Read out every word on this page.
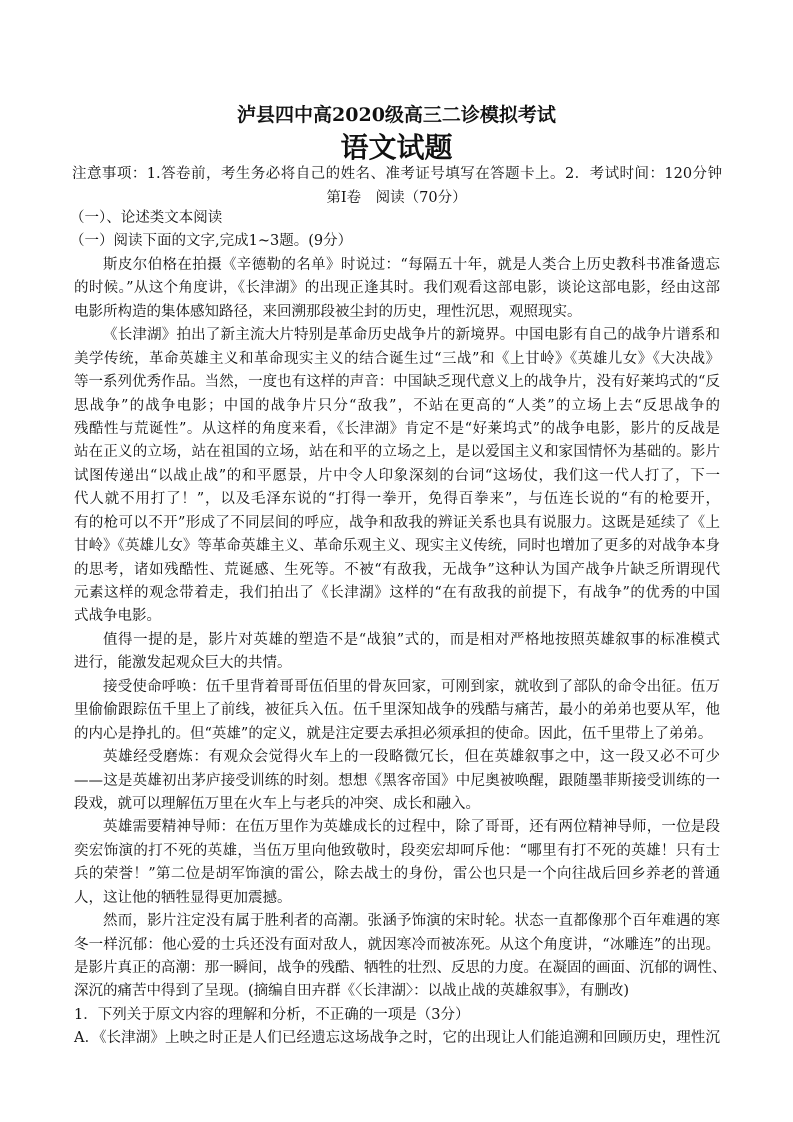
泸县四中高2020级高三二诊模拟考试
语文试题
注意事项：1.答卷前，考生务必将自己的姓名、准考证号填写在答题卡上。2．考试时间：120分钟
第I卷　阅读（70分）
（一）、论述类文本阅读
（一）阅读下面的文字,完成1~3题。(9分）
斯皮尔伯格在拍摄《辛德勒的名单》时说过：“每隔五十年，就是人类合上历史教科书准备遗忘
的时候。”从这个角度讲，《长津湖》的出现正逢其时。我们观看这部电影，谈论这部电影，经由这部
电影所构造的集体感知路径，来回溯那段被尘封的历史，理性沉思，观照现实。
《长津湖》拍出了新主流大片特别是革命历史战争片的新境界。中国电影有自己的战争片谱系和
美学传统，革命英雄主义和革命现实主义的结合诞生过“三战”和《上甘岭》《英雄儿女》《大决战》
等一系列优秀作品。当然，一度也有这样的声音：中国缺乏现代意义上的战争片，没有好莱坞式的“反
思战争”的战争电影；中国的战争片只分“敌我”，不站在更高的“人类”的立场上去“反思战争的
残酷性与荒诞性”。从这样的角度来看，《长津湖》肯定不是“好莱坞式”的战争电影，影片的反战是
站在正义的立场，站在祖国的立场，站在和平的立场之上，是以爱国主义和家国情怀为基础的。影片
试图传递出“以战止战”的和平愿景，片中令人印象深刻的台词“这场仗，我们这一代人打了，下一
代人就不用打了！”，以及毛泽东说的“打得一拳开，免得百拳来”，与伍连长说的“有的枪要开，
有的枪可以不开”形成了不同层间的呼应，战争和敌我的辨证关系也具有说服力。这既是延续了《上
甘岭》《英雄儿女》等革命英雄主义、革命乐观主义、现实主义传统，同时也增加了更多的对战争本身
的思考，诸如残酷性、荒诞感、生死等。不被“有敌我，无战争”这种认为国产战争片缺乏所谓现代
元素这样的观念带着走，我们拍出了《长津湖》这样的“在有敌我的前提下，有战争”的优秀的中国
式战争电影。
值得一提的是，影片对英雄的塑造不是“战狼”式的，而是相对严格地按照英雄叙事的标准模式
进行，能激发起观众巨大的共情。
接受使命呼唤：伍千里背着哥哥伍佰里的骨灰回家，可刚到家，就收到了部队的命令出征。伍万
里偷偷跟踪伍千里上了前线，被征兵入伍。伍千里深知战争的残酷与痛苦，最小的弟弟也要从军，他
的内心是挣扎的。但“英雄”的定义，就是注定要去承担必须承担的使命。因此，伍千里带上了弟弟。
英雄经受磨炼：有观众会觉得火车上的一段略微冗长，但在英雄叙事之中，这一段又必不可少
——这是英雄初出茅庐接受训练的时刻。想想《黑客帝国》中尼奥被唤醒，跟随墨菲斯接受训练的一
段戏，就可以理解伍万里在火车上与老兵的冲突、成长和融入。
英雄需要精神导师：在伍万里作为英雄成长的过程中，除了哥哥，还有两位精神导师，一位是段
奕宏饰演的打不死的英雄，当伍万里向他致敬时，段奕宏却呵斥他：“哪里有打不死的英雄！只有士
兵的荣誉！”第二位是胡军饰演的雷公，除去战士的身份，雷公也只是一个向往战后回乡养老的普通
人，这让他的牺牲显得更加震撼。
然而，影片注定没有属于胜利者的高潮。张涵予饰演的宋时轮。状态一直都像那个百年难遇的寒
冬一样沉郁：他心爱的士兵还没有面对敌人，就因寒冷而被冻死。从这个角度讲，“冰雕连”的出现。
是影片真正的高潮：那一瞬间，战争的残酷、牺牲的壮烈、反思的力度。在凝固的画面、沉郁的调性、
深沉的痛苦中得到了呈现。(摘编自田卉群《〈长津湖〉：以战止战的英雄叙事》，有删改)
1．下列关于原文内容的理解和分析，不正确的一项是（3分）
A．《长津湖》上映之时正是人们已经遗忘这场战争之时，它的出现让人们能追溯和回顾历史，理性沉
